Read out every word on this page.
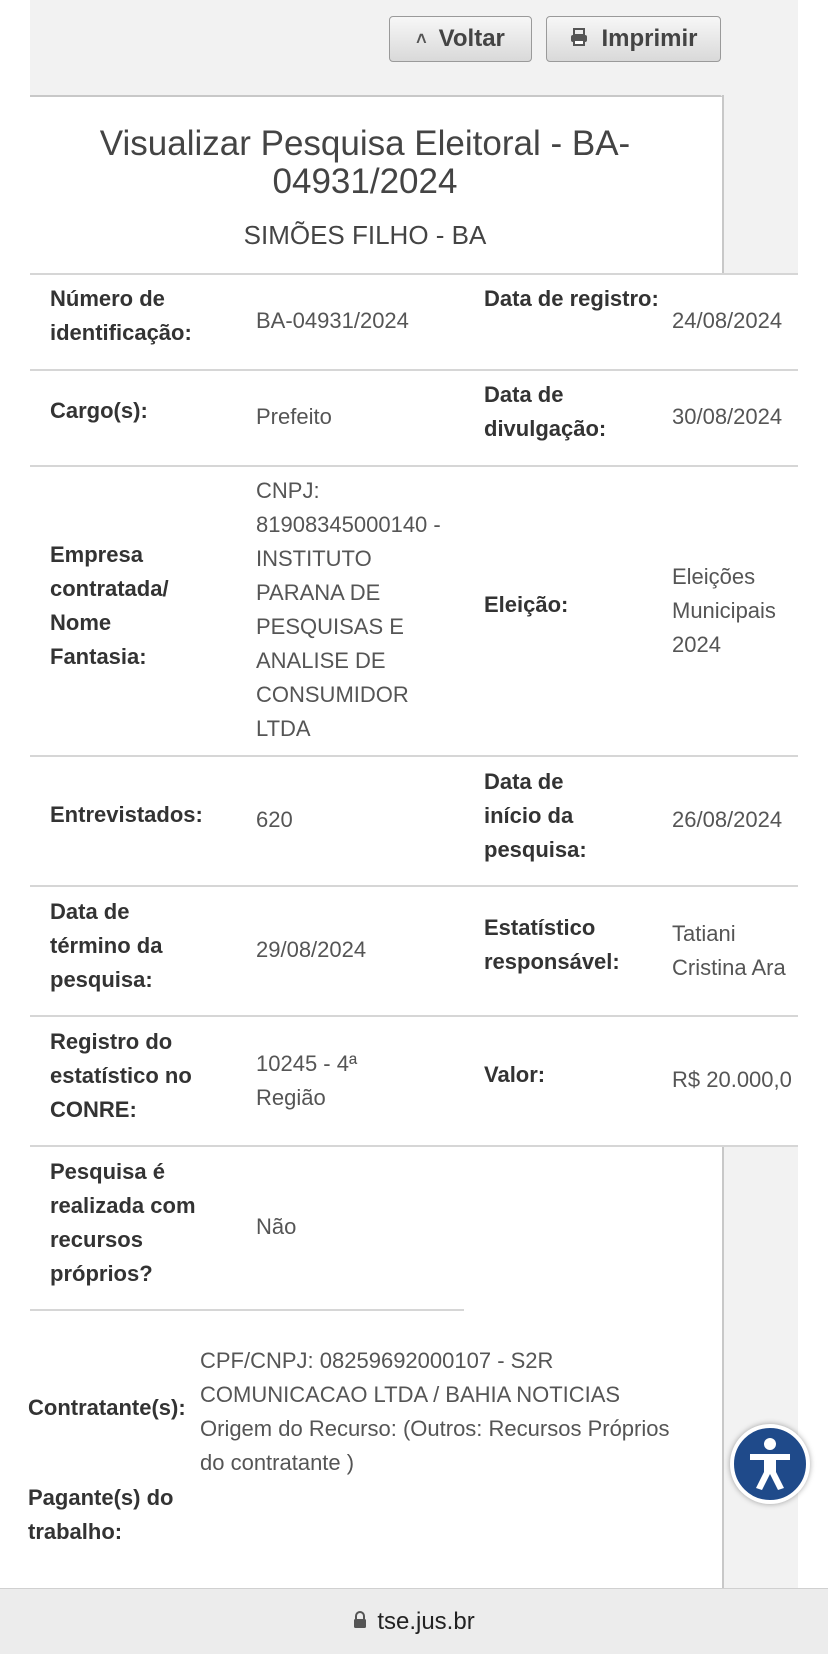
˄ Voltar	Imprimir
Visualizar Pesquisa Eleitoral - BA-04931/2024
SIMÕES FILHO - BA
Número de identificação:	BA-04931/2024
Data de registro:
24/08/2024
Cargo(s):	Prefeito
Data de divulgação:	30/08/2024
Empresa contratada/ Nome Fantasia:
CNPJ: 81908345000140 - INSTITUTO PARANA DE PESQUISAS E ANALISE DE CONSUMIDOR LTDA
Eleição:
Eleições Municipais 2024
Entrevistados:	620
Data de início da pesquisa:
26/08/2024
Data de término da pesquisa:
29/08/2024
Estatístico responsável:
Tatiani Cristina Ara
Registro do estatístico no CONRE:
10245 - 4ª Região
Valor:	R$ 20.000,0
Pesquisa é realizada com recursos próprios?
Não
Contratante(s):
CPF/CNPJ: 08259692000107 - S2R COMUNICACAO LTDA / BAHIA NOTICIAS Origem do Recurso: (Outros: Recursos Próprios do contratante )
Pagante(s) do trabalho:
tse.jus.br
